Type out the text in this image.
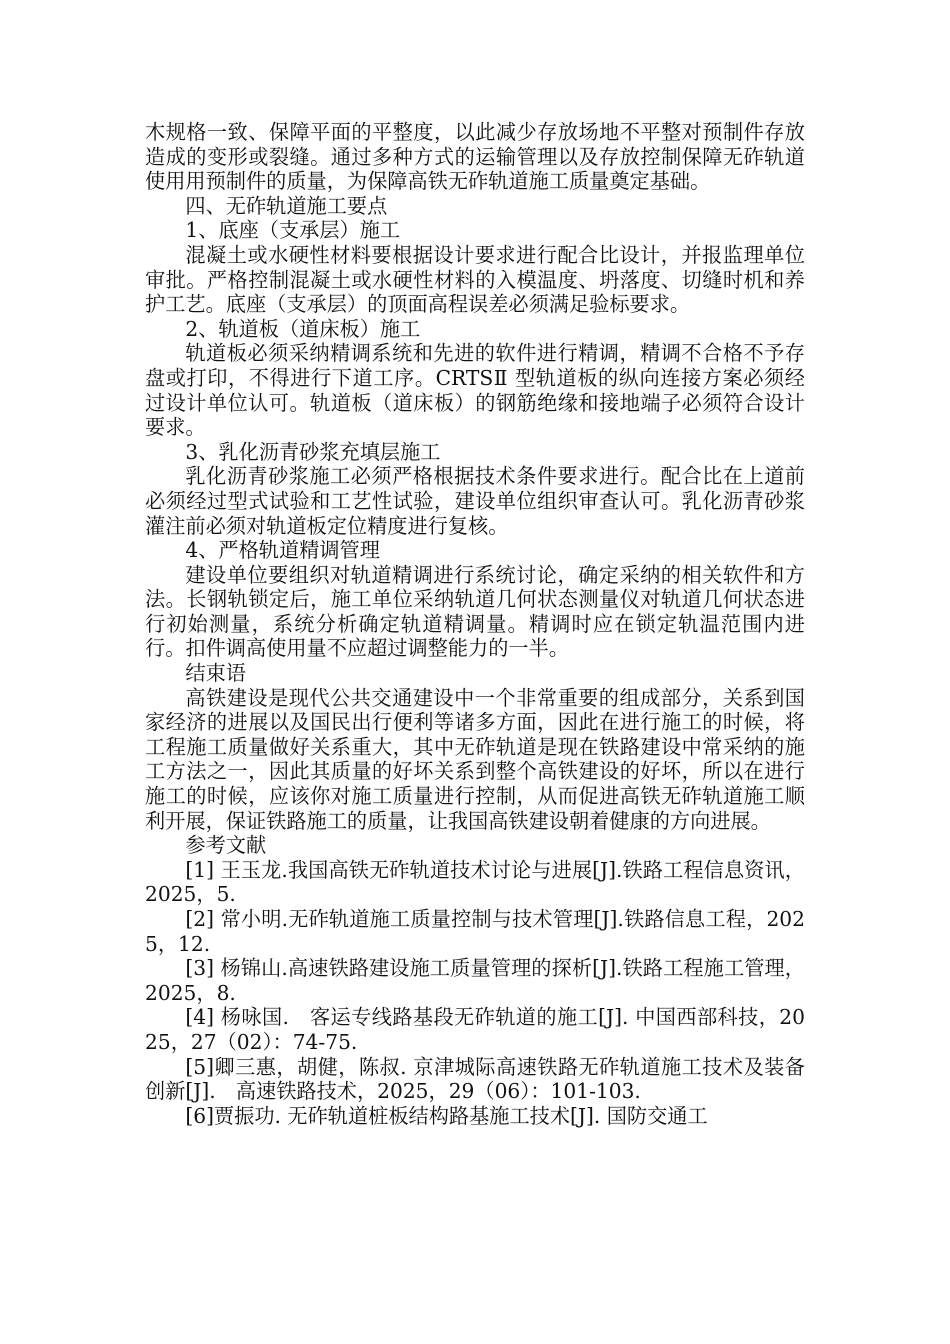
木规格一致、保障平面的平整度，以此减少存放场地不平整对预制件存放造成的变形或裂缝。通过多种方式的运输管理以及存放控制保障无砟轨道使用用预制件的质量，为保障高铁无砟轨道施工质量奠定基础。

四、无砟轨道施工要点

1、底座（支承层）施工

混凝土或水硬性材料要根据设计要求进行配合比设计，并报监理单位审批。严格控制混凝土或水硬性材料的入模温度、坍落度、切缝时机和养护工艺。底座（支承层）的顶面高程误差必须满足验标要求。

2、轨道板（道床板）施工

轨道板必须采纳精调系统和先进的软件进行精调，精调不合格不予存盘或打印，不得进行下道工序。CRTSⅡ 型轨道板的纵向连接方案必须经过设计单位认可。轨道板（道床板）的钢筋绝缘和接地端子必须符合设计要求。

3、乳化沥青砂浆充填层施工

乳化沥青砂浆施工必须严格根据技术条件要求进行。配合比在上道前必须经过型式试验和工艺性试验，建设单位组织审查认可。乳化沥青砂浆灌注前必须对轨道板定位精度进行复核。

4、严格轨道精调管理

建设单位要组织对轨道精调进行系统讨论，确定采纳的相关软件和方法。长钢轨锁定后，施工单位采纳轨道几何状态测量仪对轨道几何状态进行初始测量，系统分析确定轨道精调量。精调时应在锁定轨温范围内进行。扣件调高使用量不应超过调整能力的一半。

结束语

高铁建设是现代公共交通建设中一个非常重要的组成部分，关系到国家经济的进展以及国民出行便利等诸多方面，因此在进行施工的时候，将工程施工质量做好关系重大，其中无砟轨道是现在铁路建设中常采纳的施工方法之一，因此其质量的好坏关系到整个高铁建设的好坏，所以在进行施工的时候，应该你对施工质量进行控制，从而促进高铁无砟轨道施工顺利开展，保证铁路施工的质量，让我国高铁建设朝着健康的方向进展。

参考文献

[1] 王玉龙.我国高铁无砟轨道技术讨论与进展[J].铁路工程信息资讯，2025，5.

[2] 常小明.无砟轨道施工质量控制与技术管理[J].铁路信息工程，2025，12.

[3] 杨锦山.高速铁路建设施工质量管理的探析[J].铁路工程施工管理，2025，8.

[4] 杨咏国.　客运专线路基段无砟轨道的施工[J]. 中国西部科技，2025，27（02）：74-75.

[5]卿三惠，胡健，陈叔. 京津城际高速铁路无砟轨道施工技术及装备创新[J].　高速铁路技术，2025，29（06）：101-103.

[6]贾振功. 无砟轨道桩板结构路基施工技术[J]. 国防交通工
